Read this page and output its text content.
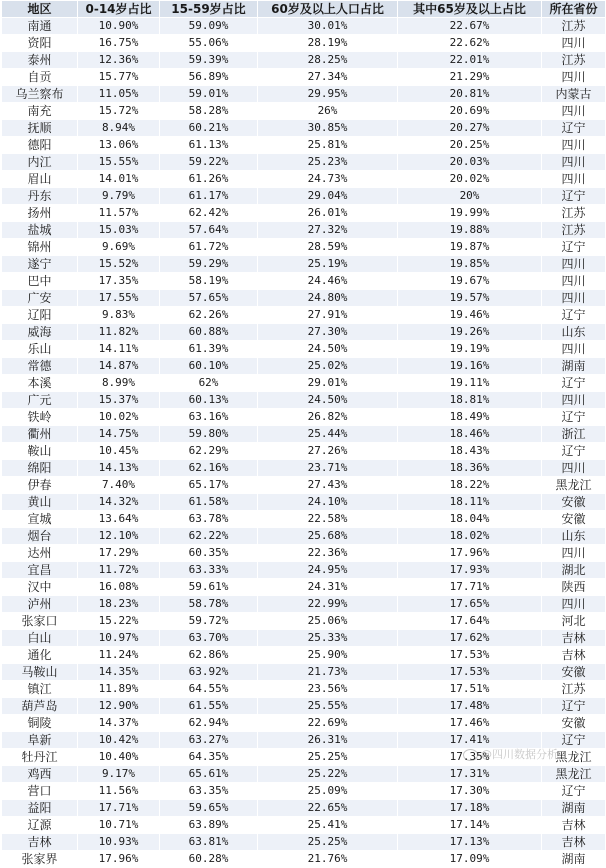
地区	0-14岁占比	15-59岁占比	60岁及以上人口占比	其中65岁及以上占比	所在省份
南通	10.90%	59.09%	30.01%	22.67%	江苏
资阳	16.75%	55.06%	28.19%	22.62%	四川
泰州	12.36%	59.39%	28.25%	22.01%	江苏
自贡	15.77%	56.89%	27.34%	21.29%	四川
乌兰察布	11.05%	59.01%	29.95%	20.81%	内蒙古
南充	15.72%	58.28%	26%	20.69%	四川
抚顺	8.94%	60.21%	30.85%	20.27%	辽宁
德阳	13.06%	61.13%	25.81%	20.25%	四川
内江	15.55%	59.22%	25.23%	20.03%	四川
眉山	14.01%	61.26%	24.73%	20.02%	四川
丹东	9.79%	61.17%	29.04%	20%	辽宁
扬州	11.57%	62.42%	26.01%	19.99%	江苏
盐城	15.03%	57.64%	27.32%	19.88%	江苏
锦州	9.69%	61.72%	28.59%	19.87%	辽宁
遂宁	15.52%	59.29%	25.19%	19.85%	四川
巴中	17.35%	58.19%	24.46%	19.67%	四川
广安	17.55%	57.65%	24.80%	19.57%	四川
辽阳	9.83%	62.26%	27.91%	19.46%	辽宁
威海	11.82%	60.88%	27.30%	19.26%	山东
乐山	14.11%	61.39%	24.50%	19.19%	四川
常德	14.87%	60.10%	25.02%	19.16%	湖南
本溪	8.99%	62%	29.01%	19.11%	辽宁
广元	15.37%	60.13%	24.50%	18.81%	四川
铁岭	10.02%	63.16%	26.82%	18.49%	辽宁
衢州	14.75%	59.80%	25.44%	18.46%	浙江
鞍山	10.45%	62.29%	27.26%	18.43%	辽宁
绵阳	14.13%	62.16%	23.71%	18.36%	四川
伊春	7.40%	65.17%	27.43%	18.22%	黑龙江
黄山	14.32%	61.58%	24.10%	18.11%	安徽
宣城	13.64%	63.78%	22.58%	18.04%	安徽
烟台	12.10%	62.22%	25.68%	18.02%	山东
达州	17.29%	60.35%	22.36%	17.96%	四川
宜昌	11.72%	63.33%	24.95%	17.93%	湖北
汉中	16.08%	59.61%	24.31%	17.71%	陕西
泸州	18.23%	58.78%	22.99%	17.65%	四川
张家口	15.22%	59.72%	25.06%	17.64%	河北
白山	10.97%	63.70%	25.33%	17.62%	吉林
通化	11.24%	62.86%	25.90%	17.53%	吉林
马鞍山	14.35%	63.92%	21.73%	17.53%	安徽
镇江	11.89%	64.55%	23.56%	17.51%	江苏
葫芦岛	12.90%	61.55%	25.55%	17.48%	辽宁
铜陵	14.37%	62.94%	22.69%	17.46%	安徽
阜新	10.42%	63.27%	26.31%	17.41%	辽宁
牡丹江	10.40%	64.35%	25.25%	17.35%	黑龙江
鸡西	9.17%	65.61%	25.22%	17.31%	黑龙江
营口	11.56%	63.35%	25.09%	17.30%	辽宁
益阳	17.71%	59.65%	22.65%	17.18%	湖南
辽源	10.71%	63.89%	25.41%	17.14%	吉林
吉林	10.93%	63.81%	25.25%	17.13%	吉林
张家界	17.96%	60.28%	21.76%	17.09%	湖南
@四川数据分析
